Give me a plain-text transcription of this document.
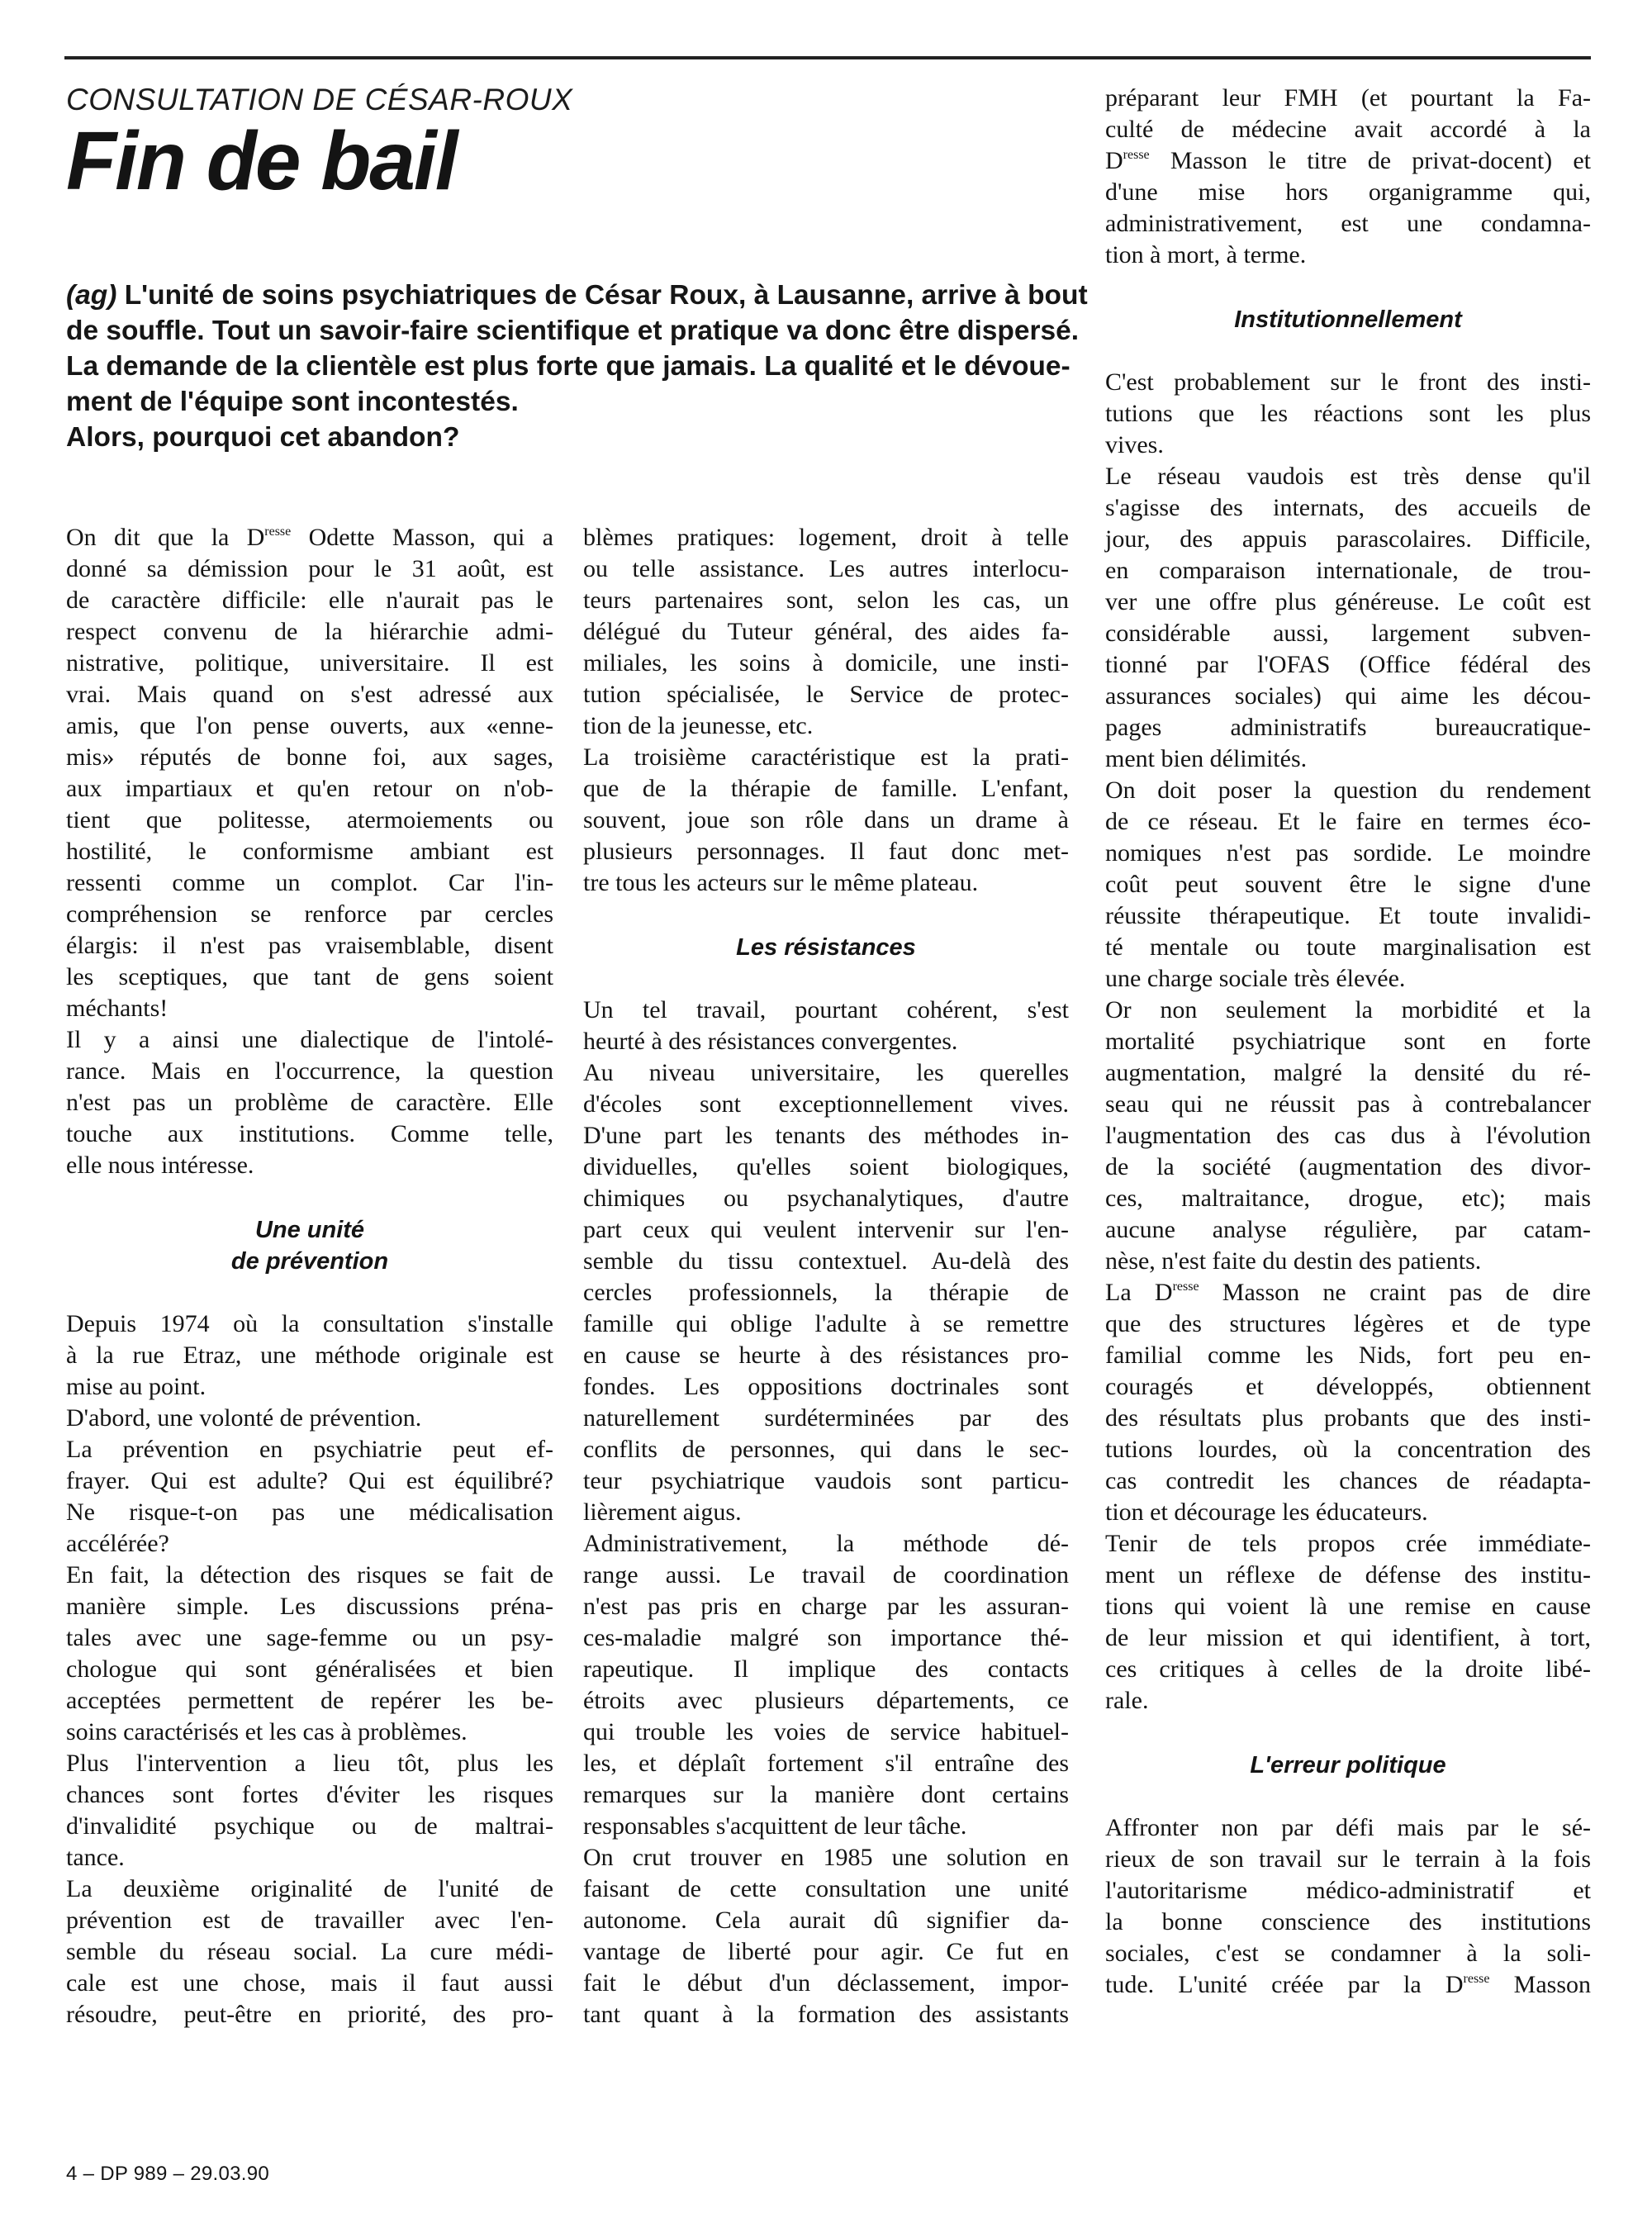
CONSULTATION DE CÉSAR-ROUX

Fin de bail
(ag) L'unité de soins psychiatriques de César Roux, à Lausanne, arrive à bout
de souffle. Tout un savoir-faire scientifique et pratique va donc être dispersé.
La demande de la clientèle est plus forte que jamais. La qualité et le dévoue-
ment de l'équipe sont incontestés.
Alors, pourquoi cet abandon?

On dit que la $D^{resse}$ Odette Masson, qui a
donné sa démission pour le 31 août, est
de caractère difficile: elle n'aurait pas le
respect convenu de la hiérarchie admi-
nistrative, politique, universitaire. Il est
vrai. Mais quand on s'est adressé aux
amis, que l'on pense ouverts, aux «enne-
mis» réputés de bonne foi, aux sages,
aux impartiaux et qu'en retour on n'ob-
tient que politesse, atermoiements ou
hostilité, le conformisme ambiant est
ressenti comme un complot. Car l'in-
compréhension se renforce par cercles
élargis: il n'est pas vraisemblable, disent
les sceptiques, que tant de gens soient
méchants!

Il y a ainsi une dialectique de l'intolé-
rance. Mais en l'occurrence, la question
n'est pas un problème de caractère. Elle
touche aux institutions. Comme telle,
elle nous intéresse.

Une unité
de prévention

Depuis 1974 où la consultation s'installe
à la rue Etraz, une méthode originale est
mise au point.

D'abord, une volonté de prévention.

La prévention en psychiatrie peut ef-
frayer. Qui est adulte? Qui est équilibré?
Ne risque-t-on pas une médicalisation
accélérée?

En fait, la détection des risques se fait de
manière simple. Les discussions préna-
tales avec une sage-femme ou un psy-
chologue qui sont généralisées et bien
acceptées permettent de repérer les be-
soins caractérisés et les cas à problèmes.

Plus l'intervention a lieu tôt, plus les
chances sont fortes d'éviter les risques
d'invalidité psychique ou de maltrai-
tance.

La deuxième originalité de l'unité de
prévention est de travailler avec l'en-
semble du réseau social. La cure médi-
cale est une chose, mais il faut aussi
résoudre, peut-être en priorité, des pro-

blèmes pratiques: logement, droit à telle
ou telle assistance. Les autres interlocu-
teurs partenaires sont, selon les cas, un
délégué du Tuteur général, des aides fa-
miliales, les soins à domicile, une insti-
tution spécialisée, le Service de protec-
tion de la jeunesse, etc.

La troisième caractéristique est la prati-
que de la thérapie de famille. L'enfant,
souvent, joue son rôle dans un drame à
plusieurs personnages. Il faut donc met-
tre tous les acteurs sur le même plateau.

Les résistances

Un tel travail, pourtant cohérent, s'est
heurté à des résistances convergentes.

Au niveau universitaire, les querelles
d'écoles sont exceptionnellement vives.
D'une part les tenants des méthodes in-
dividuelles, qu'elles soient biologiques,
chimiques ou psychanalytiques, d'autre
part ceux qui veulent intervenir sur l'en-
semble du tissu contextuel. Au-delà des
cercles professionnels, la thérapie de
famille qui oblige l'adulte à se remettre
en cause se heurte à des résistances pro-
fondes. Les oppositions doctrinales sont
naturellement surdéterminées par des
conflits de personnes, qui dans le sec-
teur psychiatrique vaudois sont particu-
lièrement aigus.

Administrativement, la méthode dé-
range aussi. Le travail de coordination
n'est pas pris en charge par les assuran-
ces-maladie malgré son importance thé-
rapeutique. Il implique des contacts
étroits avec plusieurs départements, ce
qui trouble les voies de service habituel-
les, et déplaît fortement s'il entraîne des
remarques sur la manière dont certains
responsables s'acquittent de leur tâche.

On crut trouver en 1985 une solution en
faisant de cette consultation une unité
autonome. Cela aurait dû signifier da-
vantage de liberté pour agir. Ce fut en
fait le début d'un déclassement, impor-
tant quant à la formation des assistants

préparant leur FMH (et pourtant la Fa-
culté de médecine avait accordé à la
$D^{resse}$ Masson le titre de privat-docent) et
d'une mise hors organigramme qui,
administrativement, est une condamna-
tion à mort, à terme.

Institutionnellement

C'est probablement sur le front des insti-
tutions que les réactions sont les plus
vives.

Le réseau vaudois est très dense qu'il
s'agisse des internats, des accueils de
jour, des appuis parascolaires. Difficile,
en comparaison internationale, de trou-
ver une offre plus généreuse. Le coût est
considérable aussi, largement subven-
tionné par l'OFAS (Office fédéral des
assurances sociales) qui aime les décou-
pages administratifs bureaucratique-
ment bien délimités.

On doit poser la question du rendement
de ce réseau. Et le faire en termes éco-
nomiques n'est pas sordide. Le moindre
coût peut souvent être le signe d'une
réussite thérapeutique. Et toute invalidi-
té mentale ou toute marginalisation est
une charge sociale très élevée.

Or non seulement la morbidité et la
mortalité psychiatrique sont en forte
augmentation, malgré la densité du ré-
seau qui ne réussit pas à contrebalancer
l'augmentation des cas dus à l'évolution
de la société (augmentation des divor-
ces, maltraitance, drogue, etc); mais
aucune analyse régulière, par catam-
nèse, n'est faite du destin des patients.

La $D^{resse}$ Masson ne craint pas de dire
que des structures légères et de type
familial comme les Nids, fort peu en-
couragés et développés, obtiennent
des résultats plus probants que des insti-
tutions lourdes, où la concentration des
cas contredit les chances de réadapta-
tion et décourage les éducateurs.

Tenir de tels propos crée immédiate-
ment un réflexe de défense des institu-
tions qui voient là une remise en cause
de leur mission et qui identifient, à tort,
ces critiques à celles de la droite libé-
rale.

L'erreur politique

Affronter non par défi mais par le sé-
rieux de son travail sur le terrain à la fois
l'autoritarisme médico-administratif et
la bonne conscience des institutions
sociales, c'est se condamner à la soli-
tude. L'unité créée par la $D^{resse}$ Masson

4 – DP 989 – 29.03.90
